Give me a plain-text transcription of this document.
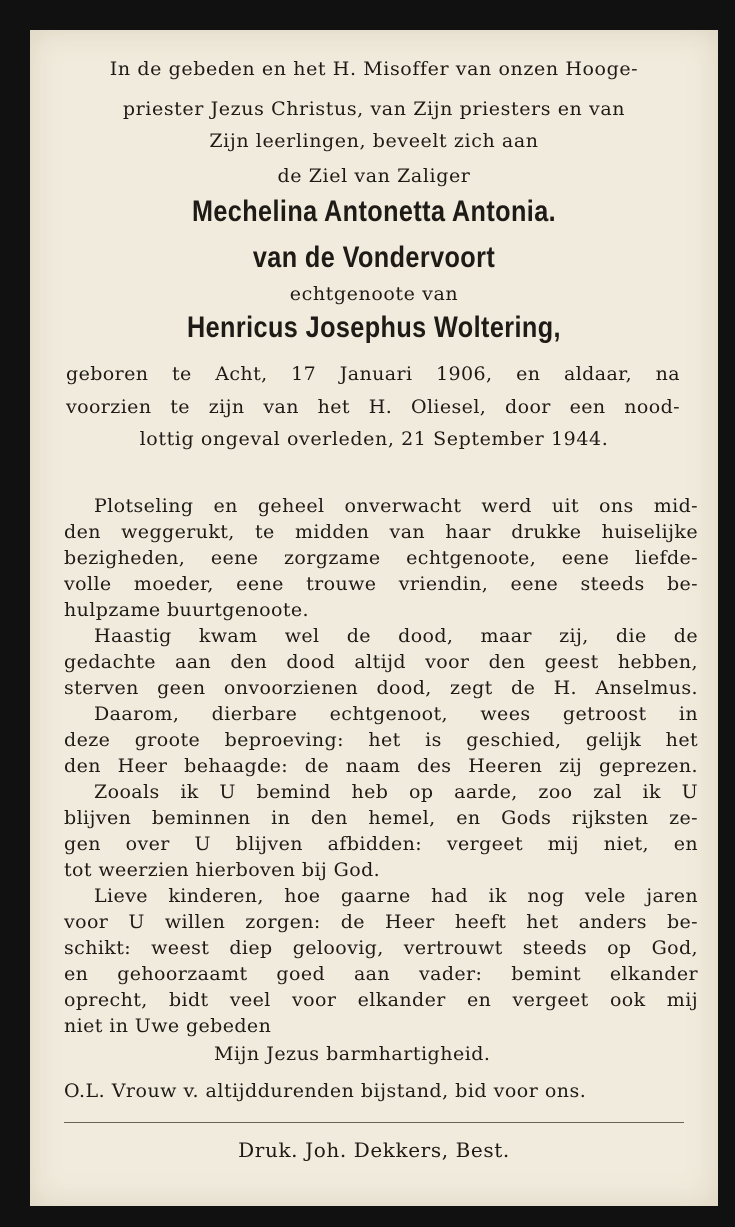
In de gebeden en het H. Misoffer van onzen Hooge-
priester Jezus Christus, van Zijn priesters en van
Zijn leerlingen, beveelt zich aan
de Ziel van Zaliger
Mechelina Antonetta Antonia.
van de Vondervoort
echtgenoote van
Henricus Josephus Woltering,
geboren te Acht, 17 Januari 1906, en aldaar, na
voorzien te zijn van het H. Oliesel, door een nood-
lottig ongeval overleden, 21 September 1944.
Plotseling en geheel onverwacht werd uit ons mid-
den weggerukt, te midden van haar drukke huiselijke
bezigheden, eene zorgzame echtgenoote, eene liefde-
volle moeder, eene trouwe vriendin, eene steeds be-
hulpzame buurtgenoote.
Haastig kwam wel de dood, maar zij, die de
gedachte aan den dood altijd voor den geest hebben,
sterven geen onvoorzienen dood, zegt de H. Anselmus.
Daarom, dierbare echtgenoot, wees getroost in
deze groote beproeving: het is geschied, gelijk het
den Heer behaagde: de naam des Heeren zij geprezen.
Zooals ik U bemind heb op aarde, zoo zal ik U
blijven beminnen in den hemel, en Gods rijksten ze-
gen over U blijven afbidden: vergeet mij niet, en
tot weerzien hierboven bij God.
Lieve kinderen, hoe gaarne had ik nog vele jaren
voor U willen zorgen: de Heer heeft het anders be-
schikt: weest diep geloovig, vertrouwt steeds op God,
en gehoorzaamt goed aan vader: bemint elkander
oprecht, bidt veel voor elkander en vergeet ook mij
niet in Uwe gebeden
Mijn Jezus barmhartigheid.
O.L. Vrouw v. altijddurenden bijstand, bid voor ons.
Druk. Joh. Dekkers, Best.
